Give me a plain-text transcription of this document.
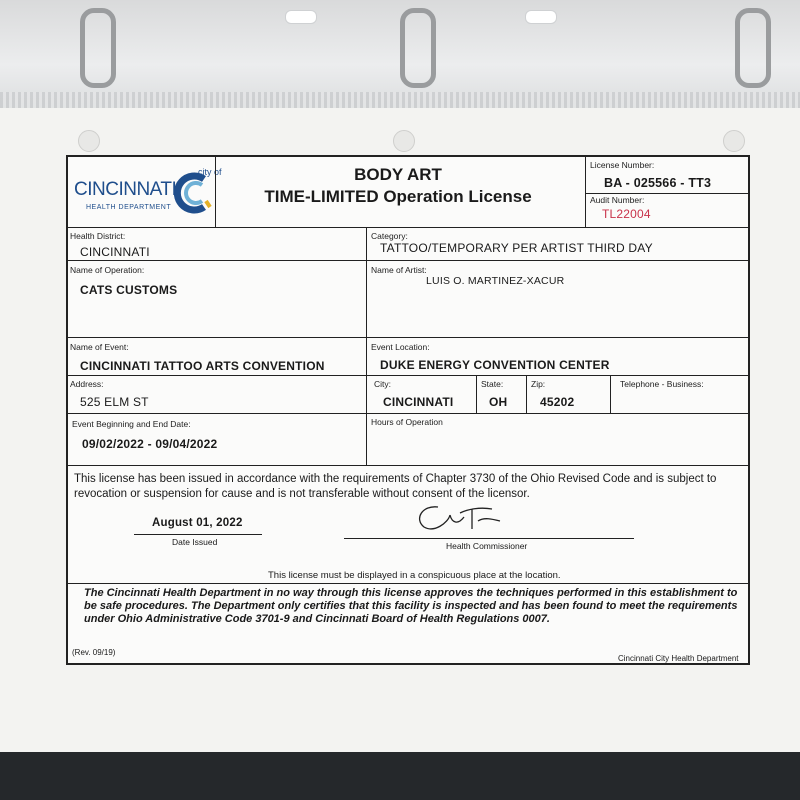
city of
CINCINNATI
HEALTH DEPARTMENT
BODY ART
TIME-LIMITED Operation License
License Number:
BA - 025566 - TT3
Audit Number:
TL22004
Health District:
CINCINNATI
Category:
TATTOO/TEMPORARY PER ARTIST THIRD DAY
Name of Operation:
CATS CUSTOMS
Name of Artist:
LUIS O. MARTINEZ-XACUR
Name of Event:
CINCINNATI TATTOO ARTS CONVENTION
Event Location:
DUKE ENERGY CONVENTION CENTER
Address:
525 ELM ST
City:
CINCINNATI
State:
OH
Zip:
45202
Telephone - Business:
Event Beginning and End Date:
09/02/2022 - 09/04/2022
Hours of Operation
This license has been issued in accordance with the requirements of Chapter 3730 of the Ohio Revised Code and is subject to revocation or suspension for cause and is not transferable without consent of the licensor.
August 01, 2022
Date Issued	Health Commissioner
This license must be displayed in a conspicuous place at the location.
The Cincinnati Health Department in no way through this license approves the techniques performed in this establishment to be safe procedures. The Department only certifies that this facility is inspected and has been found to meet the requirements under Ohio Administrative Code 3701-9 and Cincinnati Board of Health Regulations 0007.
(Rev. 09/19)
Cincinnati City Health Department
